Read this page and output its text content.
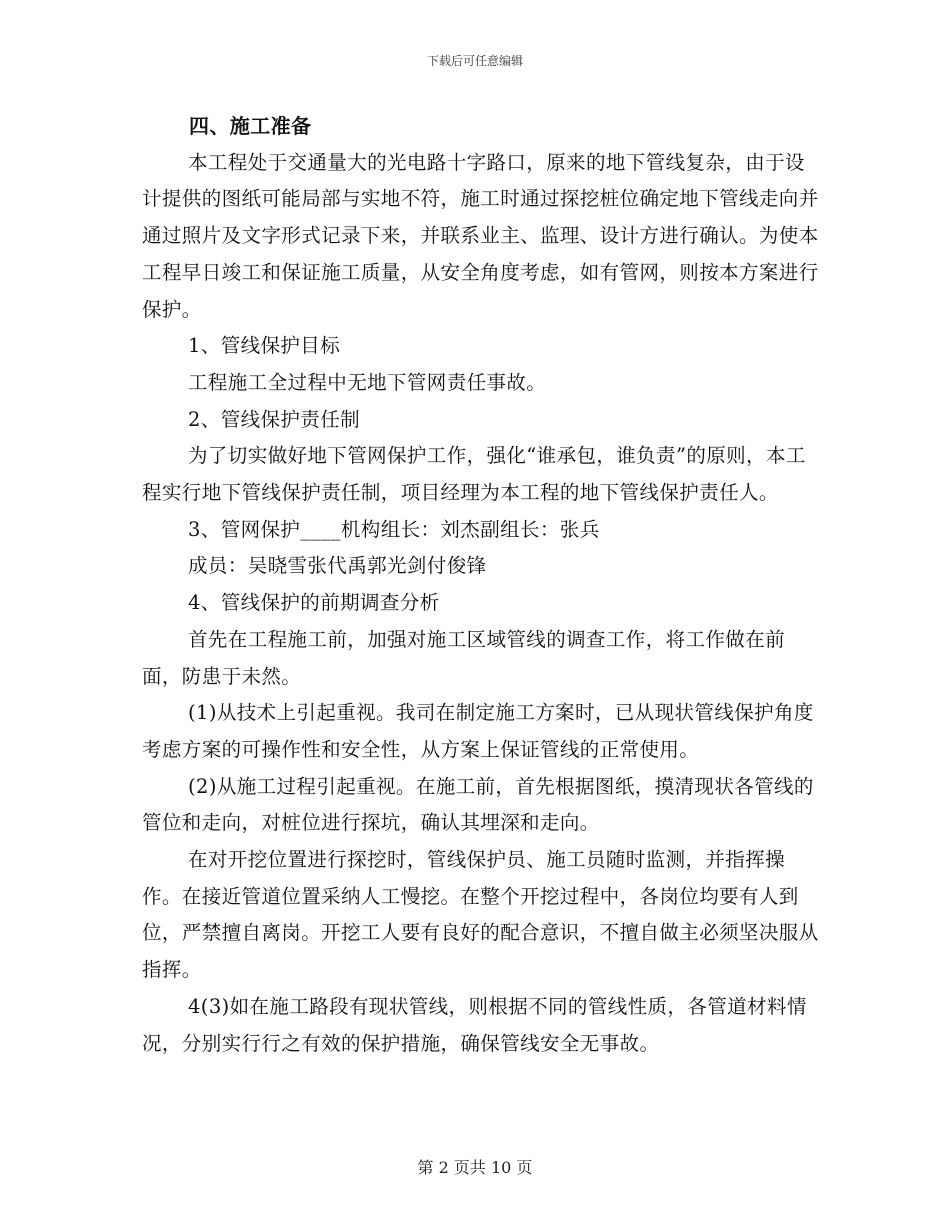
下载后可任意编辑

四、施工准备

本工程处于交通量大的光电路十字路口，原来的地下管线复杂，由于设计提供的图纸可能局部与实地不符，施工时通过探挖桩位确定地下管线走向并通过照片及文字形式记录下来，并联系业主、监理、设计方进行确认。为使本工程早日竣工和保证施工质量，从安全角度考虑，如有管网，则按本方案进行保护。

1、管线保护目标

工程施工全过程中无地下管网责任事故。

2、管线保护责任制

为了切实做好地下管网保护工作，强化“谁承包，谁负责”的原则，本工程实行地下管线保护责任制，项目经理为本工程的地下管线保护责任人。

3、管网保护____机构组长：刘杰副组长：张兵

成员：吴晓雪张代禹郭光剑付俊锋

4、管线保护的前期调查分析

首先在工程施工前，加强对施工区域管线的调查工作，将工作做在前面，防患于未然。

(1)从技术上引起重视。我司在制定施工方案时，已从现状管线保护角度考虑方案的可操作性和安全性，从方案上保证管线的正常使用。

(2)从施工过程引起重视。在施工前，首先根据图纸，摸清现状各管线的管位和走向，对桩位进行探坑，确认其埋深和走向。

在对开挖位置进行探挖时，管线保护员、施工员随时监测，并指挥操作。在接近管道位置采纳人工慢挖。在整个开挖过程中，各岗位均要有人到位，严禁擅自离岗。开挖工人要有良好的配合意识，不擅自做主必须坚决服从指挥。

4(3)如在施工路段有现状管线，则根据不同的管线性质，各管道材料情况，分别实行行之有效的保护措施，确保管线安全无事故。

第 2 页共 10 页
